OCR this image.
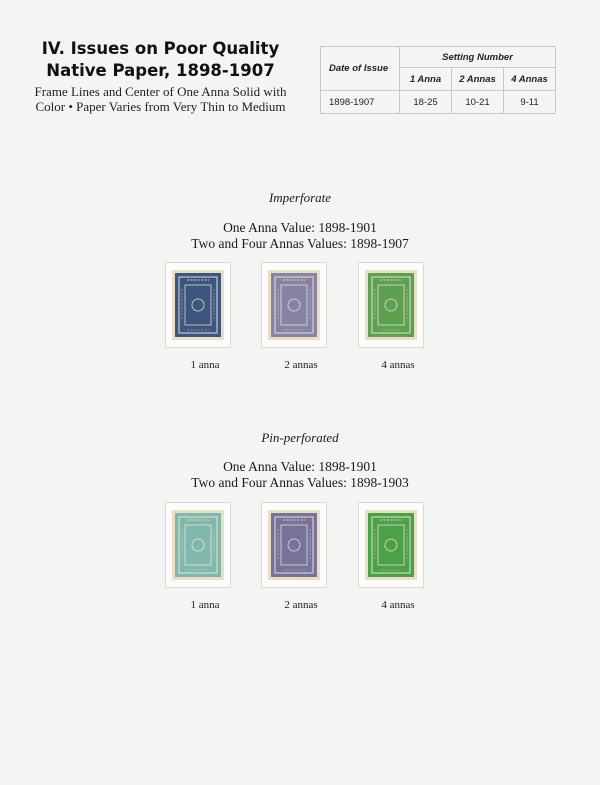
IV. Issues on Poor Quality

Native Paper, 1898-1907

Frame Lines and Center of One Anna Solid with

Color • Paper Varies from Very Thin to Medium

Date of Issue	Setting Number		
	1 Anna	2 Annas	4 Annas
1898-1907	18-25	10-21	9-11
Imperforate
One Anna Value: 1898-1901
Two and Four Annas Values: 1898-1907
1 anna	2 annas	4 annas
Pin-perforated
One Anna Value: 1898-1901
Two and Four Annas Values: 1898-1903
1 anna	2 annas	4 annas
